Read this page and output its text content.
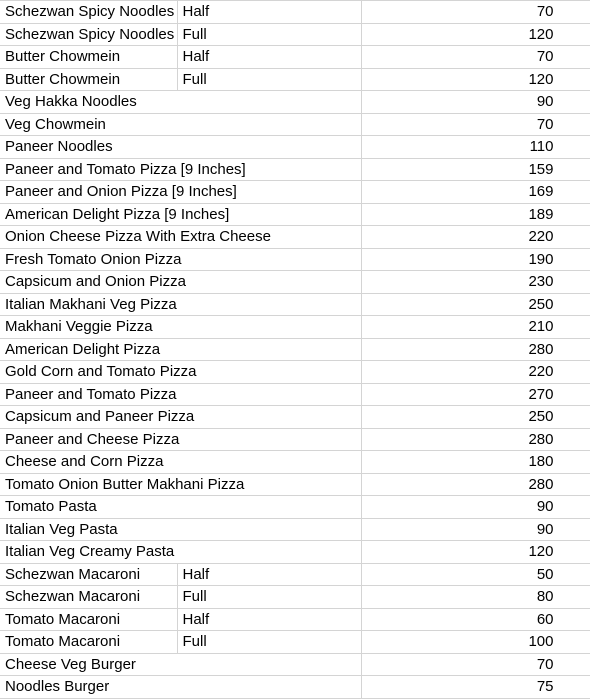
Schezwan Spicy Noodles	Half	70
Schezwan Spicy Noodles	Full	120
Butter Chowmein	Half	70
Butter Chowmein	Full	120
Veg Hakka Noodles		90
Veg Chowmein		70
Paneer Noodles		110
Paneer and Tomato Pizza [9 Inches]		159
Paneer and Onion Pizza [9 Inches]		169
American Delight Pizza [9 Inches]		189
Onion Cheese Pizza With Extra Cheese		220
Fresh Tomato Onion Pizza		190
Capsicum and Onion Pizza		230
Italian Makhani Veg Pizza		250
Makhani Veggie Pizza		210
American Delight Pizza		280
Gold Corn and Tomato Pizza		220
Paneer and Tomato Pizza		270
Capsicum and Paneer Pizza		250
Paneer and Cheese Pizza		280
Cheese and Corn Pizza		180
Tomato Onion Butter Makhani Pizza		280
Tomato Pasta		90
Italian Veg Pasta		90
Italian Veg Creamy Pasta		120
Schezwan Macaroni	Half	50
Schezwan Macaroni	Full	80
Tomato Macaroni	Half	60
Tomato Macaroni	Full	100
Cheese Veg Burger		70
Noodles Burger		75
